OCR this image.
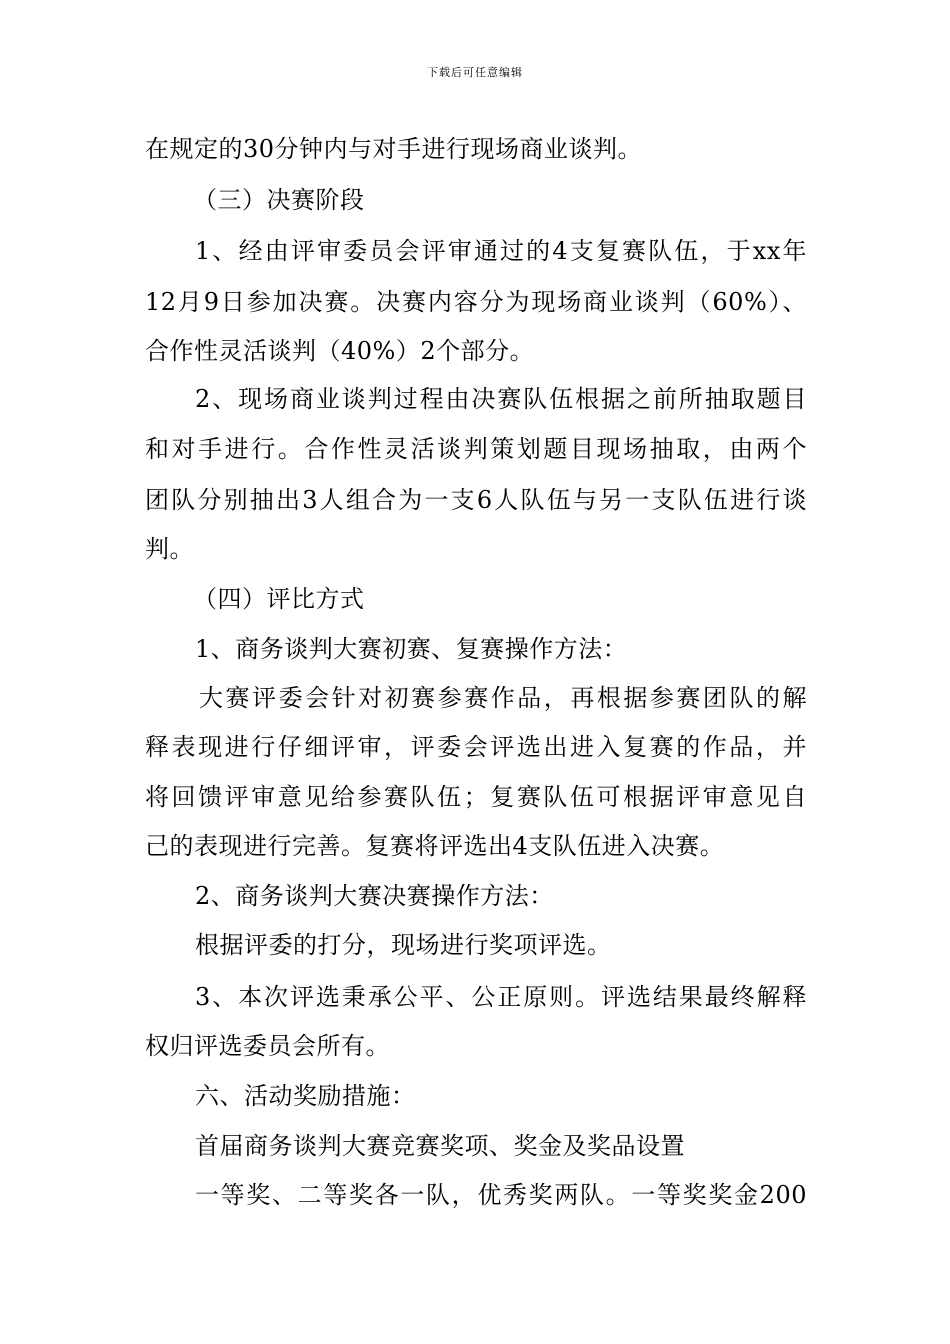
下载后可任意编辑
在规定的30分钟内与对手进行现场商业谈判。
（三）决赛阶段
1、经由评审委员会评审通过的4支复赛队伍，于xx年
12月9日参加决赛。决赛内容分为现场商业谈判（60%）、
合作性灵活谈判（40%）2个部分。
2、现场商业谈判过程由决赛队伍根据之前所抽取题目
和对手进行。合作性灵活谈判策划题目现场抽取，由两个
团队分别抽出3人组合为一支6人队伍与另一支队伍进行谈
判。
（四）评比方式
1、商务谈判大赛初赛、复赛操作方法：
大赛评委会针对初赛参赛作品，再根据参赛团队的解
释表现进行仔细评审，评委会评选出进入复赛的作品，并
将回馈评审意见给参赛队伍；复赛队伍可根据评审意见自
己的表现进行完善。复赛将评选出4支队伍进入决赛。
2、商务谈判大赛决赛操作方法：
根据评委的打分，现场进行奖项评选。
3、本次评选秉承公平、公正原则。评选结果最终解释
权归评选委员会所有。
六、活动奖励措施：
首届商务谈判大赛竞赛奖项、奖金及奖品设置
一等奖、二等奖各一队，优秀奖两队。一等奖奖金200
